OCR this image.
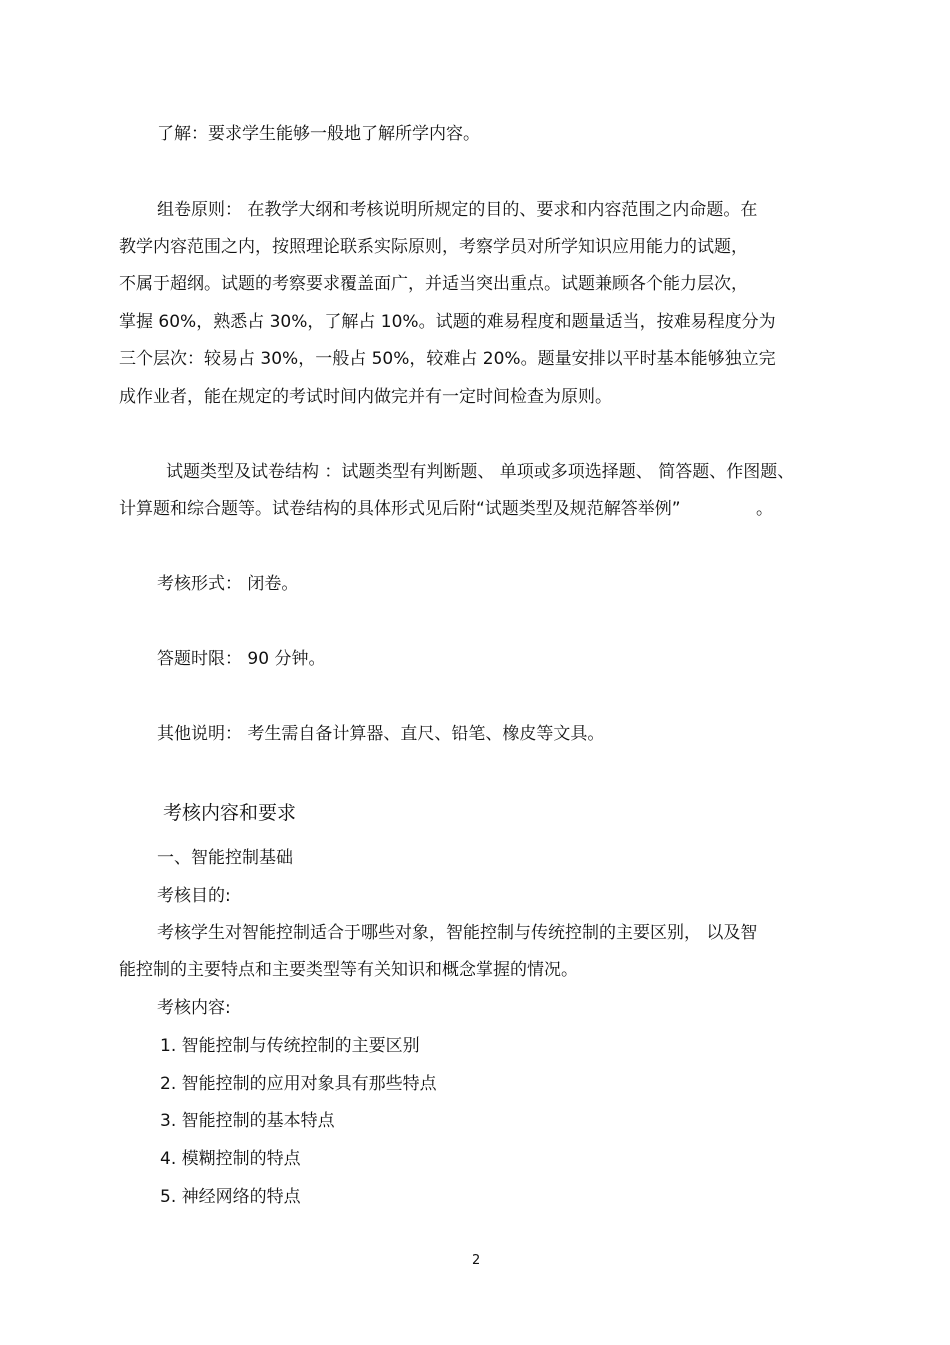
了解：要求学生能够一般地了解所学内容。
组卷原则： 在教学大纲和考核说明所规定的目的、要求和内容范围之内命题。在
教学内容范围之内，按照理论联系实际原则，考察学员对所学知识应用能力的试题，
不属于超纲。试题的考察要求覆盖面广，并适当突出重点。试题兼顾各个能力层次，
掌握 60%，熟悉占 30%，了解占 10%。试题的难易程度和题量适当，按难易程度分为
三个层次：较易占 30%，一般占 50%，较难占 20%。题量安排以平时基本能够独立完
成作业者，能在规定的考试时间内做完并有一定时间检查为原则。
试题类型及试卷结构 ：试题类型有判断题、 单项或多项选择题、 简答题、作图题、
计算题和综合题等。试卷结构的具体形式见后附“试题类型及规范解答举例”	。
考核形式： 闭卷。
答题时限： 90 分钟。
其他说明： 考生需自备计算器、直尺、铅笔、橡皮等文具。
考核内容和要求
一、智能控制基础
考核目的:
考核学生对智能控制适合于哪些对象，智能控制与传统控制的主要区别， 以及智
能控制的主要特点和主要类型等有关知识和概念掌握的情况。
考核内容:
1. 智能控制与传统控制的主要区别
2. 智能控制的应用对象具有那些特点
3. 智能控制的基本特点
4. 模糊控制的特点
5. 神经网络的特点
2
